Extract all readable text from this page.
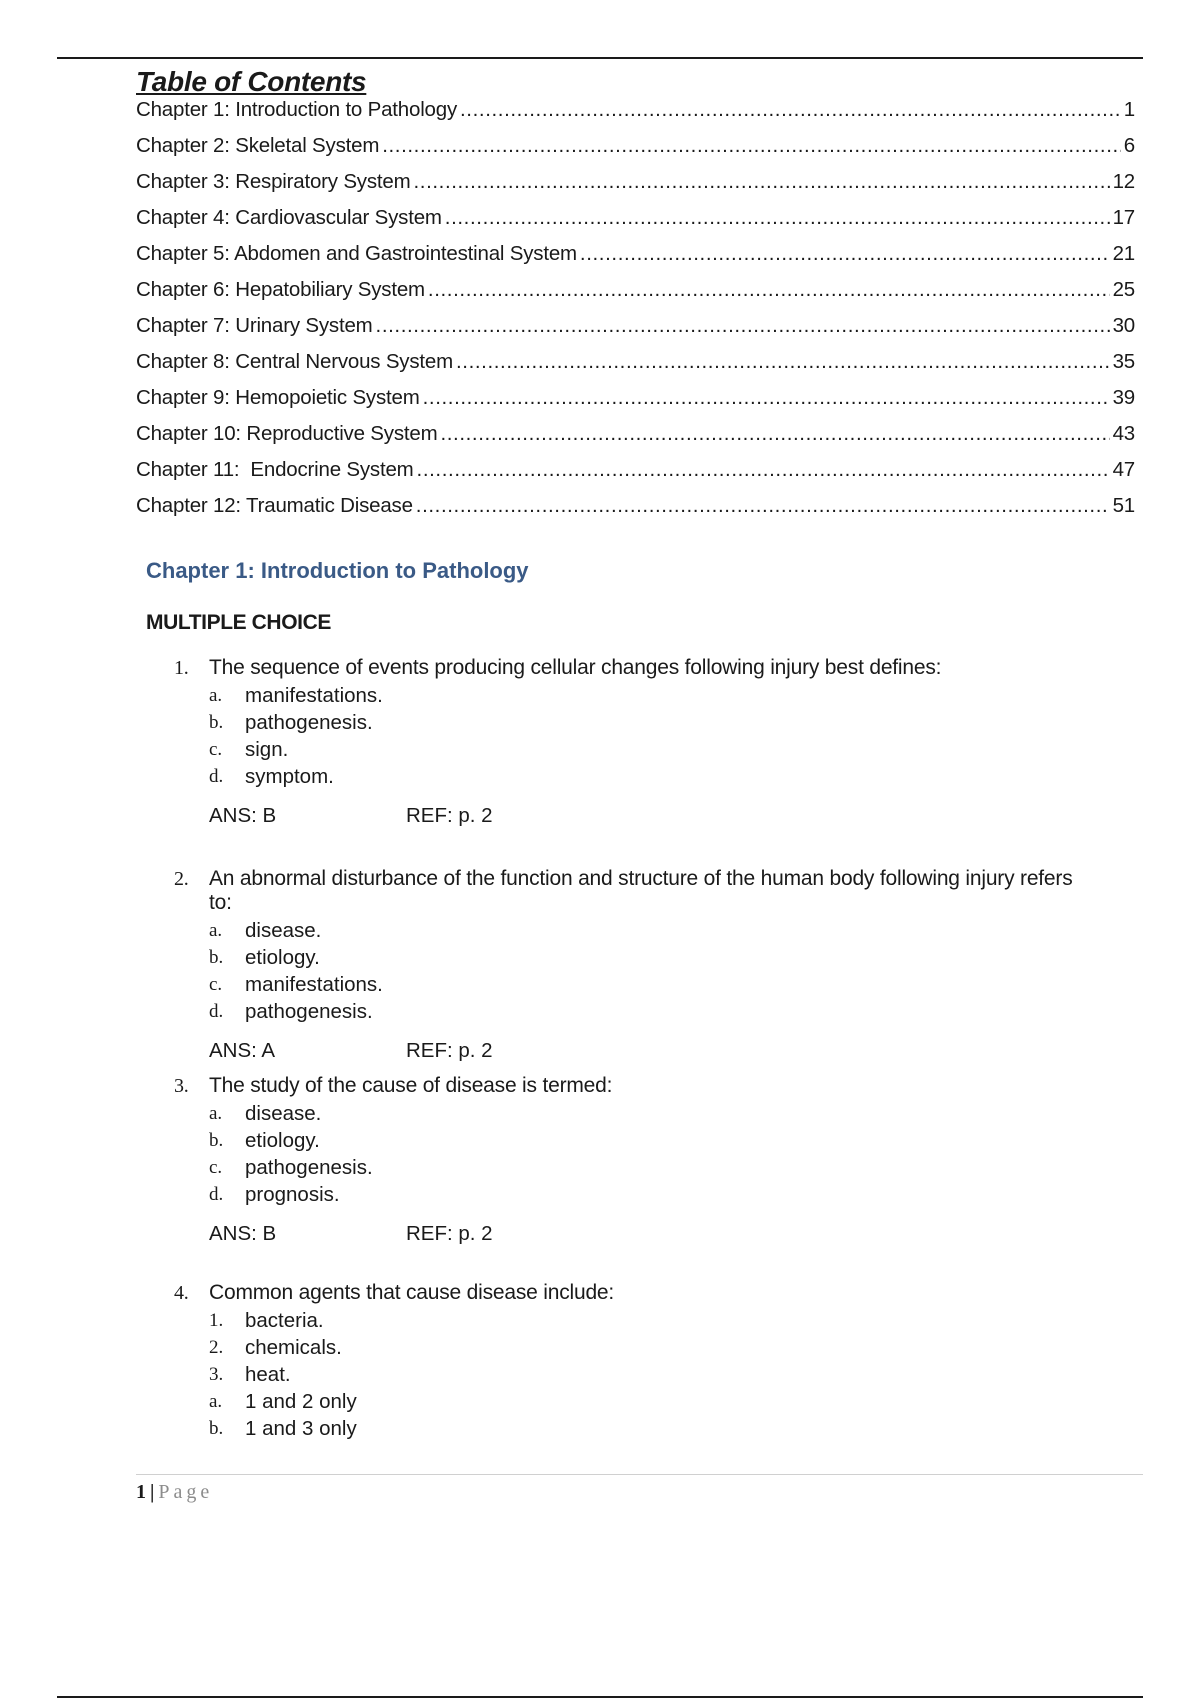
Table of Contents
Chapter 1: Introduction to Pathology .....	1
Chapter 2: Skeletal System .....	6
Chapter 3: Respiratory System .....	12
Chapter 4: Cardiovascular System .....	17
Chapter 5: Abdomen and Gastrointestinal System .....	21
Chapter 6: Hepatobiliary System .....	25
Chapter 7: Urinary System .....	30
Chapter 8: Central Nervous System .....	35
Chapter 9: Hemopoietic System .....	39
Chapter 10: Reproductive System .....	43
Chapter 11:  Endocrine System .....	47
Chapter 12: Traumatic Disease .....	51
Chapter 1: Introduction to Pathology
MULTIPLE CHOICE
1. The sequence of events producing cellular changes following injury best defines:
a.	manifestations.
b.	pathogenesis.
c.	sign.
d.	symptom.
ANS: B	REF: p. 2
2. An abnormal disturbance of the function and structure of the human body following injury refers to:
a.	disease.
b.	etiology.
c.	manifestations.
d.	pathogenesis.
ANS: A	REF: p. 2
3. The study of the cause of disease is termed:
a.	disease.
b.	etiology.
c.	pathogenesis.
d.	prognosis.
ANS: B	REF: p. 2
4. Common agents that cause disease include:
1.	bacteria.
2.	chemicals.
3.	heat.
a.	1 and 2 only
b.	1 and 3 only
1 | Page
